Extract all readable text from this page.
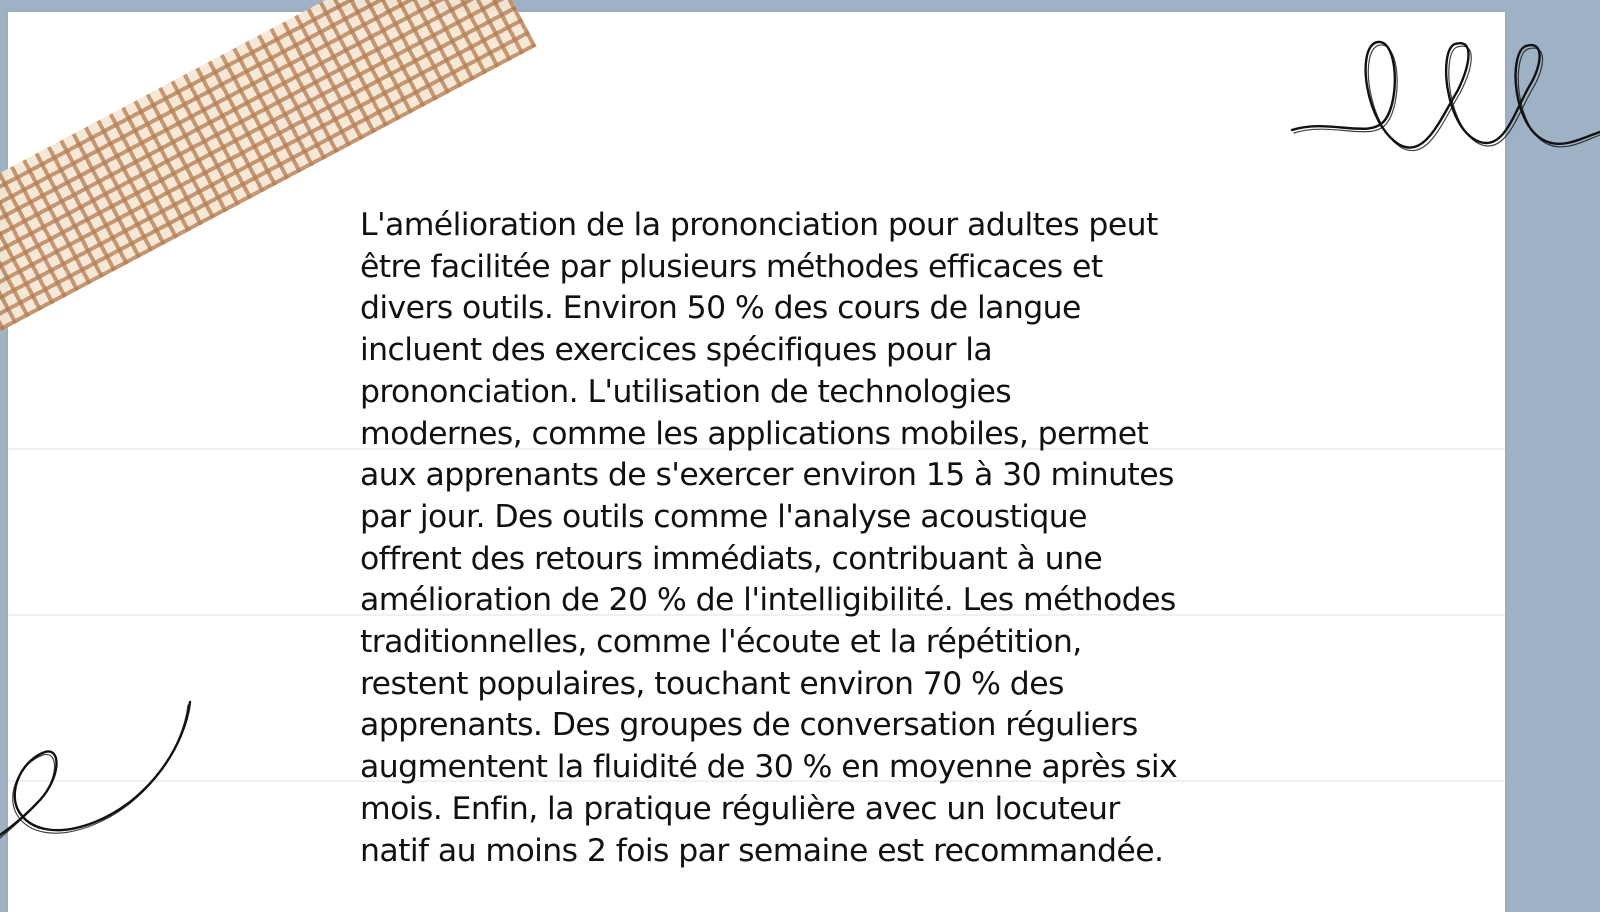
L'amélioration de la prononciation pour adultes peut
être facilitée par plusieurs méthodes efficaces et
divers outils. Environ 50 % des cours de langue
incluent des exercices spécifiques pour la
prononciation. L'utilisation de technologies
modernes, comme les applications mobiles, permet
aux apprenants de s'exercer environ 15 à 30 minutes
par jour. Des outils comme l'analyse acoustique
offrent des retours immédiats, contribuant à une
amélioration de 20 % de l'intelligibilité. Les méthodes
traditionnelles, comme l'écoute et la répétition,
restent populaires, touchant environ 70 % des
apprenants. Des groupes de conversation réguliers
augmentent la fluidité de 30 % en moyenne après six
mois. Enfin, la pratique régulière avec un locuteur
natif au moins 2 fois par semaine est recommandée.
